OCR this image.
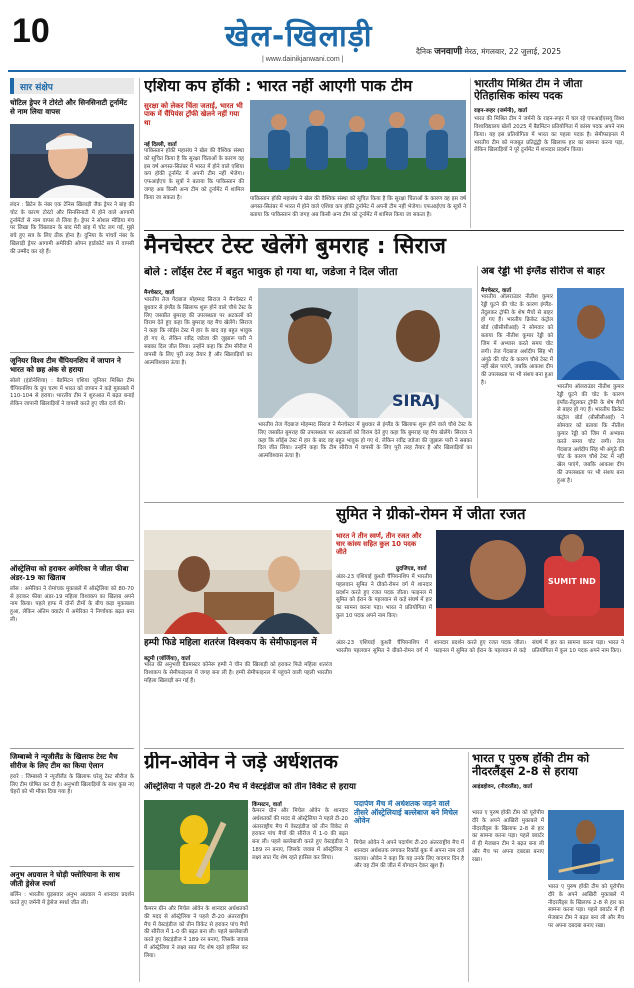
10	खेल-खिलाड़ी
| www.dainikjanwani.com |
दैनिक जनवाणी मेरठ, मंगलवार, 22 जुलाई, 2025
सार संक्षेप
चोटिल ड्रेपर ने टोरंटो और सिनसिनाटी टूर्नामेंट से नाम लिया वापस
लंदन : ब्रिटेन के नंबर एक टेनिस खिलाड़ी जैक ड्रेपर ने बांह की चोट के कारण टोरंटो और सिनसिनाटी में होने वाले आगामी टूर्नामेंटों से नाम वापस ले लिया है। ड्रेपर ने सोशल मीडिया मंच पर लिखा कि विंबलडन के बाद मेरी बांह में चोट लग गई, मुझे बचे हुए सत्र के लिए ठीक होना है। दुनिया के पांचवें नंबर के खिलाड़ी ड्रेपर आगामी अमेरिकी ओपन हार्डकोर्ट सत्र में वापसी की उम्मीद कर रहे हैं।
जूनियर विश्व टीम चैंपियनशिप में जापान ने भारत को छह अंक से हराया
सोलो (इंडोनेशिया) : बैडमिंटन एशिया जूनियर मिश्रित टीम चैंपियनशिप के ग्रुप चरण में भारत को जापान ने कड़े मुकाबले में 110-104 से हराया। भारतीय टीम ने शुरुआत में बढ़त बनाई लेकिन जापानी खिलाड़ियों ने वापसी करते हुए जीत दर्ज की।
ऑस्ट्रेलिया को हराकर अमेरिका ने जीता फीबा अंडर-19 का खिताब
लॉस : अमेरिका ने रोमांचक मुकाबले में ऑस्ट्रेलिया को 80-70 से हराकर फीबा अंडर-19 महिला विश्वकप का खिताब अपने नाम किया। पहले हाफ में दोनों टीमों के बीच कड़ा मुकाबला हुआ, लेकिन अंतिम क्वार्टर में अमेरिका ने निर्णायक बढ़त बना ली।
जिम्बाब्वे ने न्यूजीलैंड के खिलाफ टेस्ट मैच सीरीज के लिए टीम का किया ऐलान
हरारे : जिम्बाब्वे ने न्यूजीलैंड के खिलाफ घरेलू टेस्ट सीरीज के लिए टीम घोषित कर दी है। अनुभवी खिलाड़ियों के साथ कुछ नए चेहरों को भी मौका दिया गया है।
अनुभ अग्रवाल ने घोड़ी फ्लोरियाना के साथ जीती ड्रेसेज स्पर्धा
बर्लिन : भारतीय घुड़सवार अनुभ अग्रवाल ने शानदार प्रदर्शन करते हुए जर्मनी में ड्रेसेज स्पर्धा जीत ली।
एशिया कप हॉकी : भारत नहीं आएगी पाक टीम
सुरक्षा को लेकर चिंता जताई, भारत भी पाक में चैंपियंस ट्रॉफी खेलने नहीं गया था
नई दिल्ली, वार्ता
पाकिस्तान हॉकी महासंघ ने खेल की वैश्विक संस्था को सूचित किया है कि सुरक्षा चिंताओं के कारण वह इस वर्ष अगस्त-सितंबर में भारत में होने वाले एशिया कप हॉकी टूर्नामेंट में अपनी टीम नहीं भेजेगा। एफआईएच के सूत्रों ने बताया कि पाकिस्तान की जगह अब किसी अन्य टीम को टूर्नामेंट में शामिल किया जा सकता है।	पाकिस्तान हॉकी महासंघ ने खेल की वैश्विक संस्था को सूचित किया है कि सुरक्षा चिंताओं के कारण वह इस वर्ष अगस्त-सितंबर में भारत में होने वाले एशिया कप हॉकी टूर्नामेंट में अपनी टीम नहीं भेजेगा। एफआईएच के सूत्रों ने बताया कि पाकिस्तान की जगह अब किसी अन्य टीम को टूर्नामेंट में शामिल किया जा सकता है।
भारतीय मिश्रित टीम ने जीता ऐतिहासिक कांस्य पदक
राइन-रूहर (जर्मनी), वार्ता
भारत की मिश्रित टीम ने जर्मनी के राइन-रूहर में चल रहे एफआईएसयू विश्व विश्वविद्यालय खेलों 2025 में बैडमिंटन प्रतियोगिता में कांस्य पदक अपने नाम किया। यह इस प्रतियोगिता में भारत का पहला पदक है। सेमीफाइनल में भारतीय टीम को मजबूत प्रतिद्वंद्वी के खिलाफ हार का सामना करना पड़ा, लेकिन खिलाड़ियों ने पूरे टूर्नामेंट में शानदार प्रदर्शन किया।
मैनचेस्टर टेस्ट खेलेंगे बुमराह : सिराज
बोले : लॉर्ड्स टेस्ट में बहुत भावुक हो गया था, जडेजा ने दिल जीता
मैनचेस्टर, वार्ता
भारतीय तेज गेंदबाज मोहम्मद सिराज ने मैनचेस्टर में बुधवार से इंग्लैंड के खिलाफ शुरू होने वाले चौथे टेस्ट के लिए जसप्रीत बुमराह की उपलब्धता पर अटकलों को विराम देते हुए कहा कि बुमराह यह मैच खेलेंगे। सिराज ने कहा कि लॉर्ड्स टेस्ट में हार के बाद वह बहुत भावुक हो गए थे, लेकिन रवींद्र जडेजा की जुझारू पारी ने सबका दिल जीत लिया। उन्होंने कहा कि टीम सीरीज में वापसी के लिए पूरी तरह तैयार है और खिलाड़ियों का आत्मविश्वास ऊंचा है।
SIRAJ
भारतीय तेज गेंदबाज मोहम्मद सिराज ने मैनचेस्टर में बुधवार से इंग्लैंड के खिलाफ शुरू होने वाले चौथे टेस्ट के लिए जसप्रीत बुमराह की उपलब्धता पर अटकलों को विराम देते हुए कहा कि बुमराह यह मैच खेलेंगे। सिराज ने कहा कि लॉर्ड्स टेस्ट में हार के बाद वह बहुत भावुक हो गए थे, लेकिन रवींद्र जडेजा की जुझारू पारी ने सबका दिल जीत लिया। उन्होंने कहा कि टीम सीरीज में वापसी के लिए पूरी तरह तैयार है और खिलाड़ियों का आत्मविश्वास ऊंचा है।
अब रेड्डी भी इंग्लैंड सीरीज से बाहर
मैनचेस्टर, वार्ता
भारतीय ऑलराउंडर नीतीश कुमार रेड्डी घुटने की चोट के कारण इंग्लैंड-तेंदुलकर ट्रॉफी के शेष मैचों से बाहर हो गए हैं। भारतीय क्रिकेट कंट्रोल बोर्ड (बीसीसीआई) ने सोमवार को बताया कि नीतीश कुमार रेड्डी को जिम में अभ्यास करते समय चोट लगी। तेज गेंदबाज अर्शदीप सिंह भी अंगूठे की चोट के कारण चौथे टेस्ट में नहीं खेल पाएंगे, जबकि आकाश दीप की उपलब्धता पर भी संशय बना हुआ है।
भारतीय ऑलराउंडर नीतीश कुमार रेड्डी घुटने की चोट के कारण इंग्लैंड-तेंदुलकर ट्रॉफी के शेष मैचों से बाहर हो गए हैं। भारतीय क्रिकेट कंट्रोल बोर्ड (बीसीसीआई) ने सोमवार को बताया कि नीतीश कुमार रेड्डी को जिम में अभ्यास करते समय चोट लगी। तेज गेंदबाज अर्शदीप सिंह भी अंगूठे की चोट के कारण चौथे टेस्ट में नहीं खेल पाएंगे, जबकि आकाश दीप की उपलब्धता पर भी संशय बना हुआ है।
सुमित ने ग्रीको-रोमन में जीता रजत
भारत ने तीन स्वर्ण, तीन रजत और चार कांस्य सहित कुल 10 पदक जीते
ग्रुदजिएड, वार्ता
अंडर-23 एशियाई कुश्ती चैंपियनशिप में भारतीय पहलवान सुमित ने ग्रीको-रोमन वर्ग में शानदार प्रदर्शन करते हुए रजत पदक जीता। फाइनल में सुमित को ईरान के पहलवान से कड़े संघर्ष में हार का सामना करना पड़ा। भारत ने प्रतियोगिता में कुल 10 पदक अपने नाम किए।
SUMIT IND
अंडर-23 एशियाई कुश्ती चैंपियनशिप में भारतीय पहलवान सुमित ने ग्रीको-रोमन वर्ग में शानदार प्रदर्शन करते हुए रजत पदक जीता। फाइनल में सुमित को ईरान के पहलवान से कड़े संघर्ष में हार का सामना करना पड़ा। भारत ने प्रतियोगिता में कुल 10 पदक अपने नाम किए।
हम्पी फिडे महिला शतरंज विश्वकप के सेमीफाइनल में
बटूमी (जॉर्जिया), वार्ता
भारत की अनुभवी ग्रैंडमास्टर कोनेरू हम्पी ने चीन की खिलाड़ी को हराकर फिडे महिला शतरंज विश्वकप के सेमीफाइनल में जगह बना ली है। हम्पी सेमीफाइनल में पहुंचने वाली पहली भारतीय महिला खिलाड़ी बन गई हैं।
ग्रीन-ओवेन ने जड़े अर्धशतक
ऑस्ट्रेलिया ने पहले टी-20 मैच में वेस्टइंडीज को तीन विकेट से हराया
किंग्सटन, वार्ता
कैमरन ग्रीन और मिचेल ओवेन के शानदार अर्धशतकों की मदद से ऑस्ट्रेलिया ने पहले टी-20 अंतरराष्ट्रीय मैच में वेस्टइंडीज को तीन विकेट से हराकर पांच मैचों की सीरीज में 1-0 की बढ़त बना ली। पहले बल्लेबाजी करते हुए वेस्टइंडीज ने 189 रन बनाए, जिसके जवाब में ऑस्ट्रेलिया ने लक्ष्य सात गेंद शेष रहते हासिल कर लिया।
कैमरन ग्रीन और मिचेल ओवेन के शानदार अर्धशतकों की मदद से ऑस्ट्रेलिया ने पहले टी-20 अंतरराष्ट्रीय मैच में वेस्टइंडीज को तीन विकेट से हराकर पांच मैचों की सीरीज में 1-0 की बढ़त बना ली। पहले बल्लेबाजी करते हुए वेस्टइंडीज ने 189 रन बनाए, जिसके जवाब में ऑस्ट्रेलिया ने लक्ष्य सात गेंद शेष रहते हासिल कर लिया।
पदार्पण मैच में अर्धशतक जड़ने वाले तीसरे ऑस्ट्रेलियाई बल्लेबाज बने मिचेल ओवेन
मिचेल ओवेन ने अपने पदार्पण टी-20 अंतरराष्ट्रीय मैच में शानदार अर्धशतक लगाकर रिकॉर्ड बुक में अपना नाम दर्ज कराया। ओवेन ने कहा कि यह उनके लिए यादगार दिन है और वह टीम की जीत में योगदान देकर खुश हैं।
भारत ए पुरुष हॉकी टीम को नीदरलैंड्स 2-8 से हराया
आइंडहोवन, (नीदरलैंड), वार्ता
भारत ए पुरुष हॉकी टीम को यूरोपीय दौरे के अपने आखिरी मुकाबले में नीदरलैंड्स के खिलाफ 2-8 से हार का सामना करना पड़ा। पहले क्वार्टर में ही मेजबान टीम ने बढ़त बना ली और मैच पर अपना दबदबा बनाए रखा।
भारत ए पुरुष हॉकी टीम को यूरोपीय दौरे के अपने आखिरी मुकाबले में नीदरलैंड्स के खिलाफ 2-8 से हार का सामना करना पड़ा। पहले क्वार्टर में ही मेजबान टीम ने बढ़त बना ली और मैच पर अपना दबदबा बनाए रखा।
